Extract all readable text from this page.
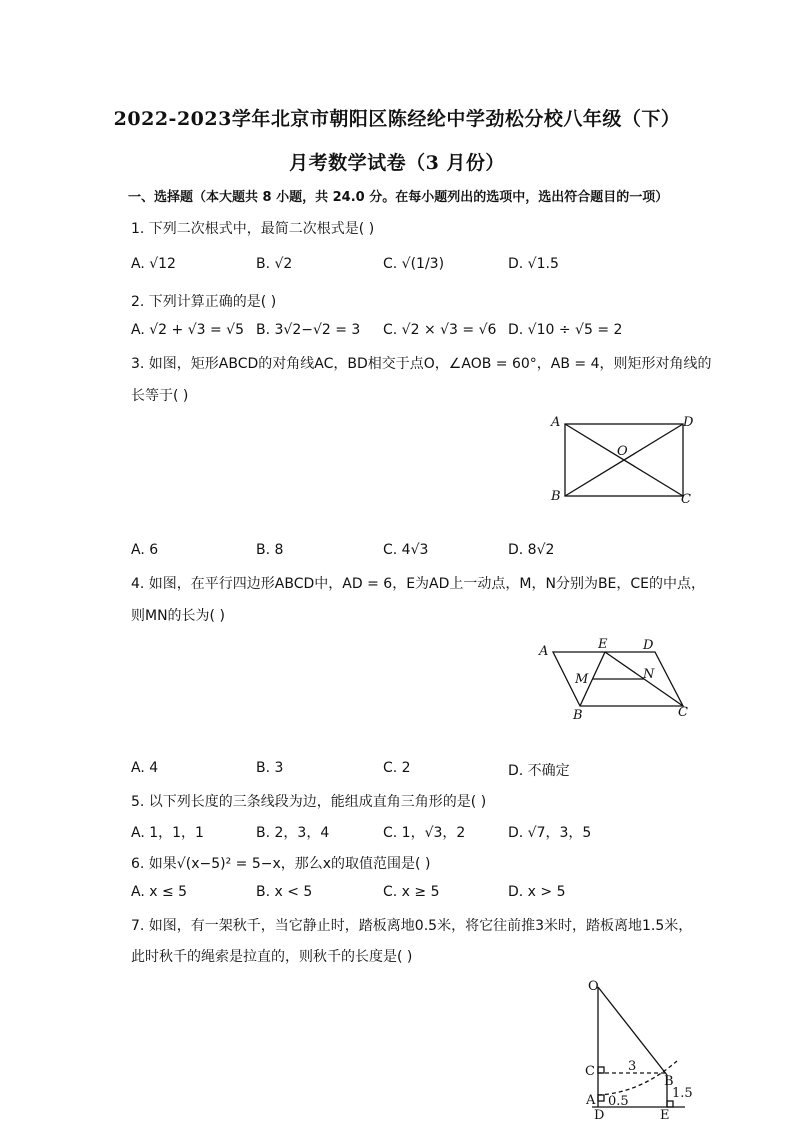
2022-2023学年北京市朝阳区陈经纶中学劲松分校八年级（下）
月考数学试卷（3 月份）
一、选择题（本大题共 8 小题，共 24.0 分。在每小题列出的选项中，选出符合题目的一项）
1. 下列二次根式中，最简二次根式是( )
A. √12	B. √2	C. √(1/3)	D. √1.5
2. 下列计算正确的是( )
A. √2 + √3 = √5 B. 3√2−√2 = 3 C. √2 × √3 = √6 D. √10 ÷ √5 = 2
3. 如图，矩形ABCD的对角线AC，BD相交于点O，∠AOB = 60°，AB = 4，则矩形对角线的
长等于( )
A	D
O
B	C
A. 6	B. 8	C. 4√3	D. 8√2
4. 如图，在平行四边形ABCD中，AD = 6，E为AD上一动点，M，N分别为BE，CE的中点，
则MN的长为( )
A	E	D
M	N
B	C
A. 4	B. 3	C. 2	D. 不确定
5. 以下列长度的三条线段为边，能组成直角三角形的是( )
A. 1，1，1	B. 2，3，4	C. 1，√3，2	D. √7，3，5
6. 如果√(x−5)² = 5−x，那么x的取值范围是( )
A. x ≤ 5	B. x < 5	C. x ≥ 5	D. x > 5
7. 如图，有一架秋千，当它静止时，踏板离地0.5米，将它往前推3米时，踏板离地1.5米，
此时秋千的绳索是拉直的，则秋千的长度是( )
O
C	3
B
1.5
A 0.5
D	E
